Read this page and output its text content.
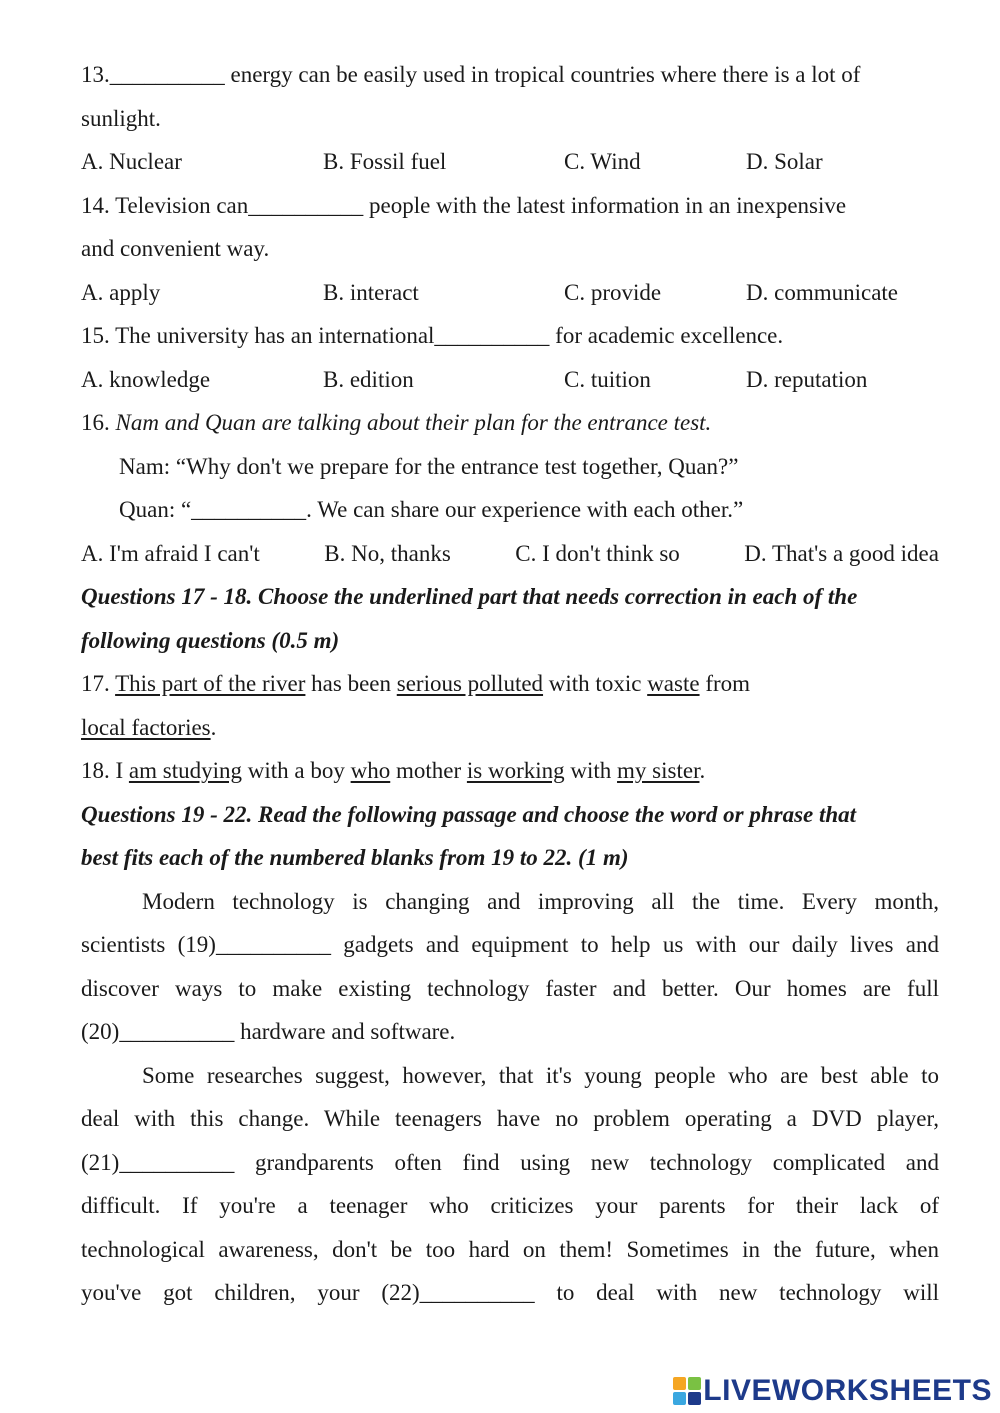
13.__________ energy can be easily used in tropical countries where there is a lot of
sunlight.
A. Nuclear	B. Fossil fuel	C. Wind	D. Solar
14. Television can__________ people with the latest information in an inexpensive
and convenient way.
A. apply	B. interact	C. provide	D. communicate
15. The university has an international__________ for academic excellence.
A. knowledge	B. edition	C. tuition	D. reputation
16. Nam and Quan are talking about their plan for the entrance test.
Nam: “Why don't we prepare for the entrance test together, Quan?”
Quan: “__________. We can share our experience with each other.”
A. I'm afraid I can't	B. No, thanks	C. I don't think so	D. That's a good idea
Questions 17 - 18. Choose the underlined part that needs correction in each of the
following questions (0.5 m)
17. This part of the river has been serious polluted with toxic waste from
local factories.
18. I am studying with a boy who mother is working with my sister.
Questions 19 - 22. Read the following passage and choose the word or phrase that
best fits each of the numbered blanks from 19 to 22. (1 m)
Modern technology is changing and improving all the time. Every month,
scientists (19)__________ gadgets and equipment to help us with our daily lives and
discover ways to make existing technology faster and better. Our homes are full
(20)__________ hardware and software.
Some researches suggest, however, that it's young people who are best able to
deal with this change. While teenagers have no problem operating a DVD player,
(21)__________ grandparents often find using new technology complicated and
difficult. If you're a teenager who criticizes your parents for their lack of
technological awareness, don't be too hard on them! Sometimes in the future, when
you've got children, your (22)__________ to deal with new technology will
LIVEWORKSHEETS
